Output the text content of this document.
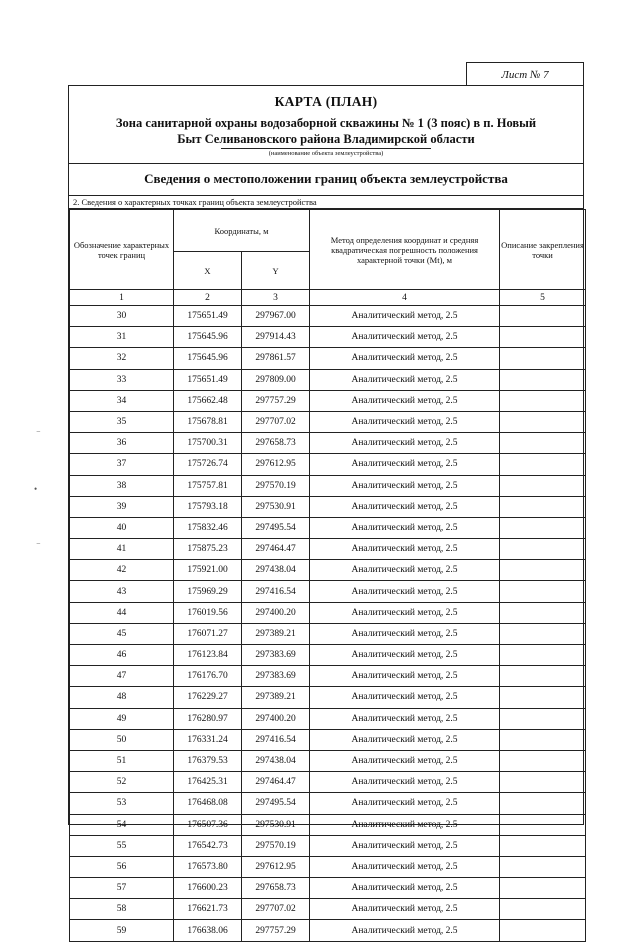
Лист № 7
⁻
•
⁻
КАРТА (ПЛАН)
Зона санитарной охраны водозаборной скважины № 1 (3 пояс) в п. Новый
Быт Селивановского района Владимирской области
(наименование объекта землеустройства)
Сведения о местоположении границ объекта землеустройства
2. Сведения о характерных точках границ объекта землеустройства
Обозначение характерных точек границ	Координаты, м		Метод определения координат и средняя квадратическая погрешность положения характерной точки (Mt), м	Описание закрепления точки
	X	Y		
1	2	3	4	5
30	175651.49	297967.00	Аналитический метод, 2.5	
31	175645.96	297914.43	Аналитический метод, 2.5	
32	175645.96	297861.57	Аналитический метод, 2.5	
33	175651.49	297809.00	Аналитический метод, 2.5	
34	175662.48	297757.29	Аналитический метод, 2.5	
35	175678.81	297707.02	Аналитический метод, 2.5	
36	175700.31	297658.73	Аналитический метод, 2.5	
37	175726.74	297612.95	Аналитический метод, 2.5	
38	175757.81	297570.19	Аналитический метод, 2.5	
39	175793.18	297530.91	Аналитический метод, 2.5	
40	175832.46	297495.54	Аналитический метод, 2.5	
41	175875.23	297464.47	Аналитический метод, 2.5	
42	175921.00	297438.04	Аналитический метод, 2.5	
43	175969.29	297416.54	Аналитический метод, 2.5	
44	176019.56	297400.20	Аналитический метод, 2.5	
45	176071.27	297389.21	Аналитический метод, 2.5	
46	176123.84	297383.69	Аналитический метод, 2.5	
47	176176.70	297383.69	Аналитический метод, 2.5	
48	176229.27	297389.21	Аналитический метод, 2.5	
49	176280.97	297400.20	Аналитический метод, 2.5	
50	176331.24	297416.54	Аналитический метод, 2.5	
51	176379.53	297438.04	Аналитический метод, 2.5	
52	176425.31	297464.47	Аналитический метод, 2.5	
53	176468.08	297495.54	Аналитический метод, 2.5	
54	176507.36	297530.91	Аналитический метод, 2.5	
55	176542.73	297570.19	Аналитический метод, 2.5	
56	176573.80	297612.95	Аналитический метод, 2.5	
57	176600.23	297658.73	Аналитический метод, 2.5	
58	176621.73	297707.02	Аналитический метод, 2.5	
59	176638.06	297757.29	Аналитический метод, 2.5	
